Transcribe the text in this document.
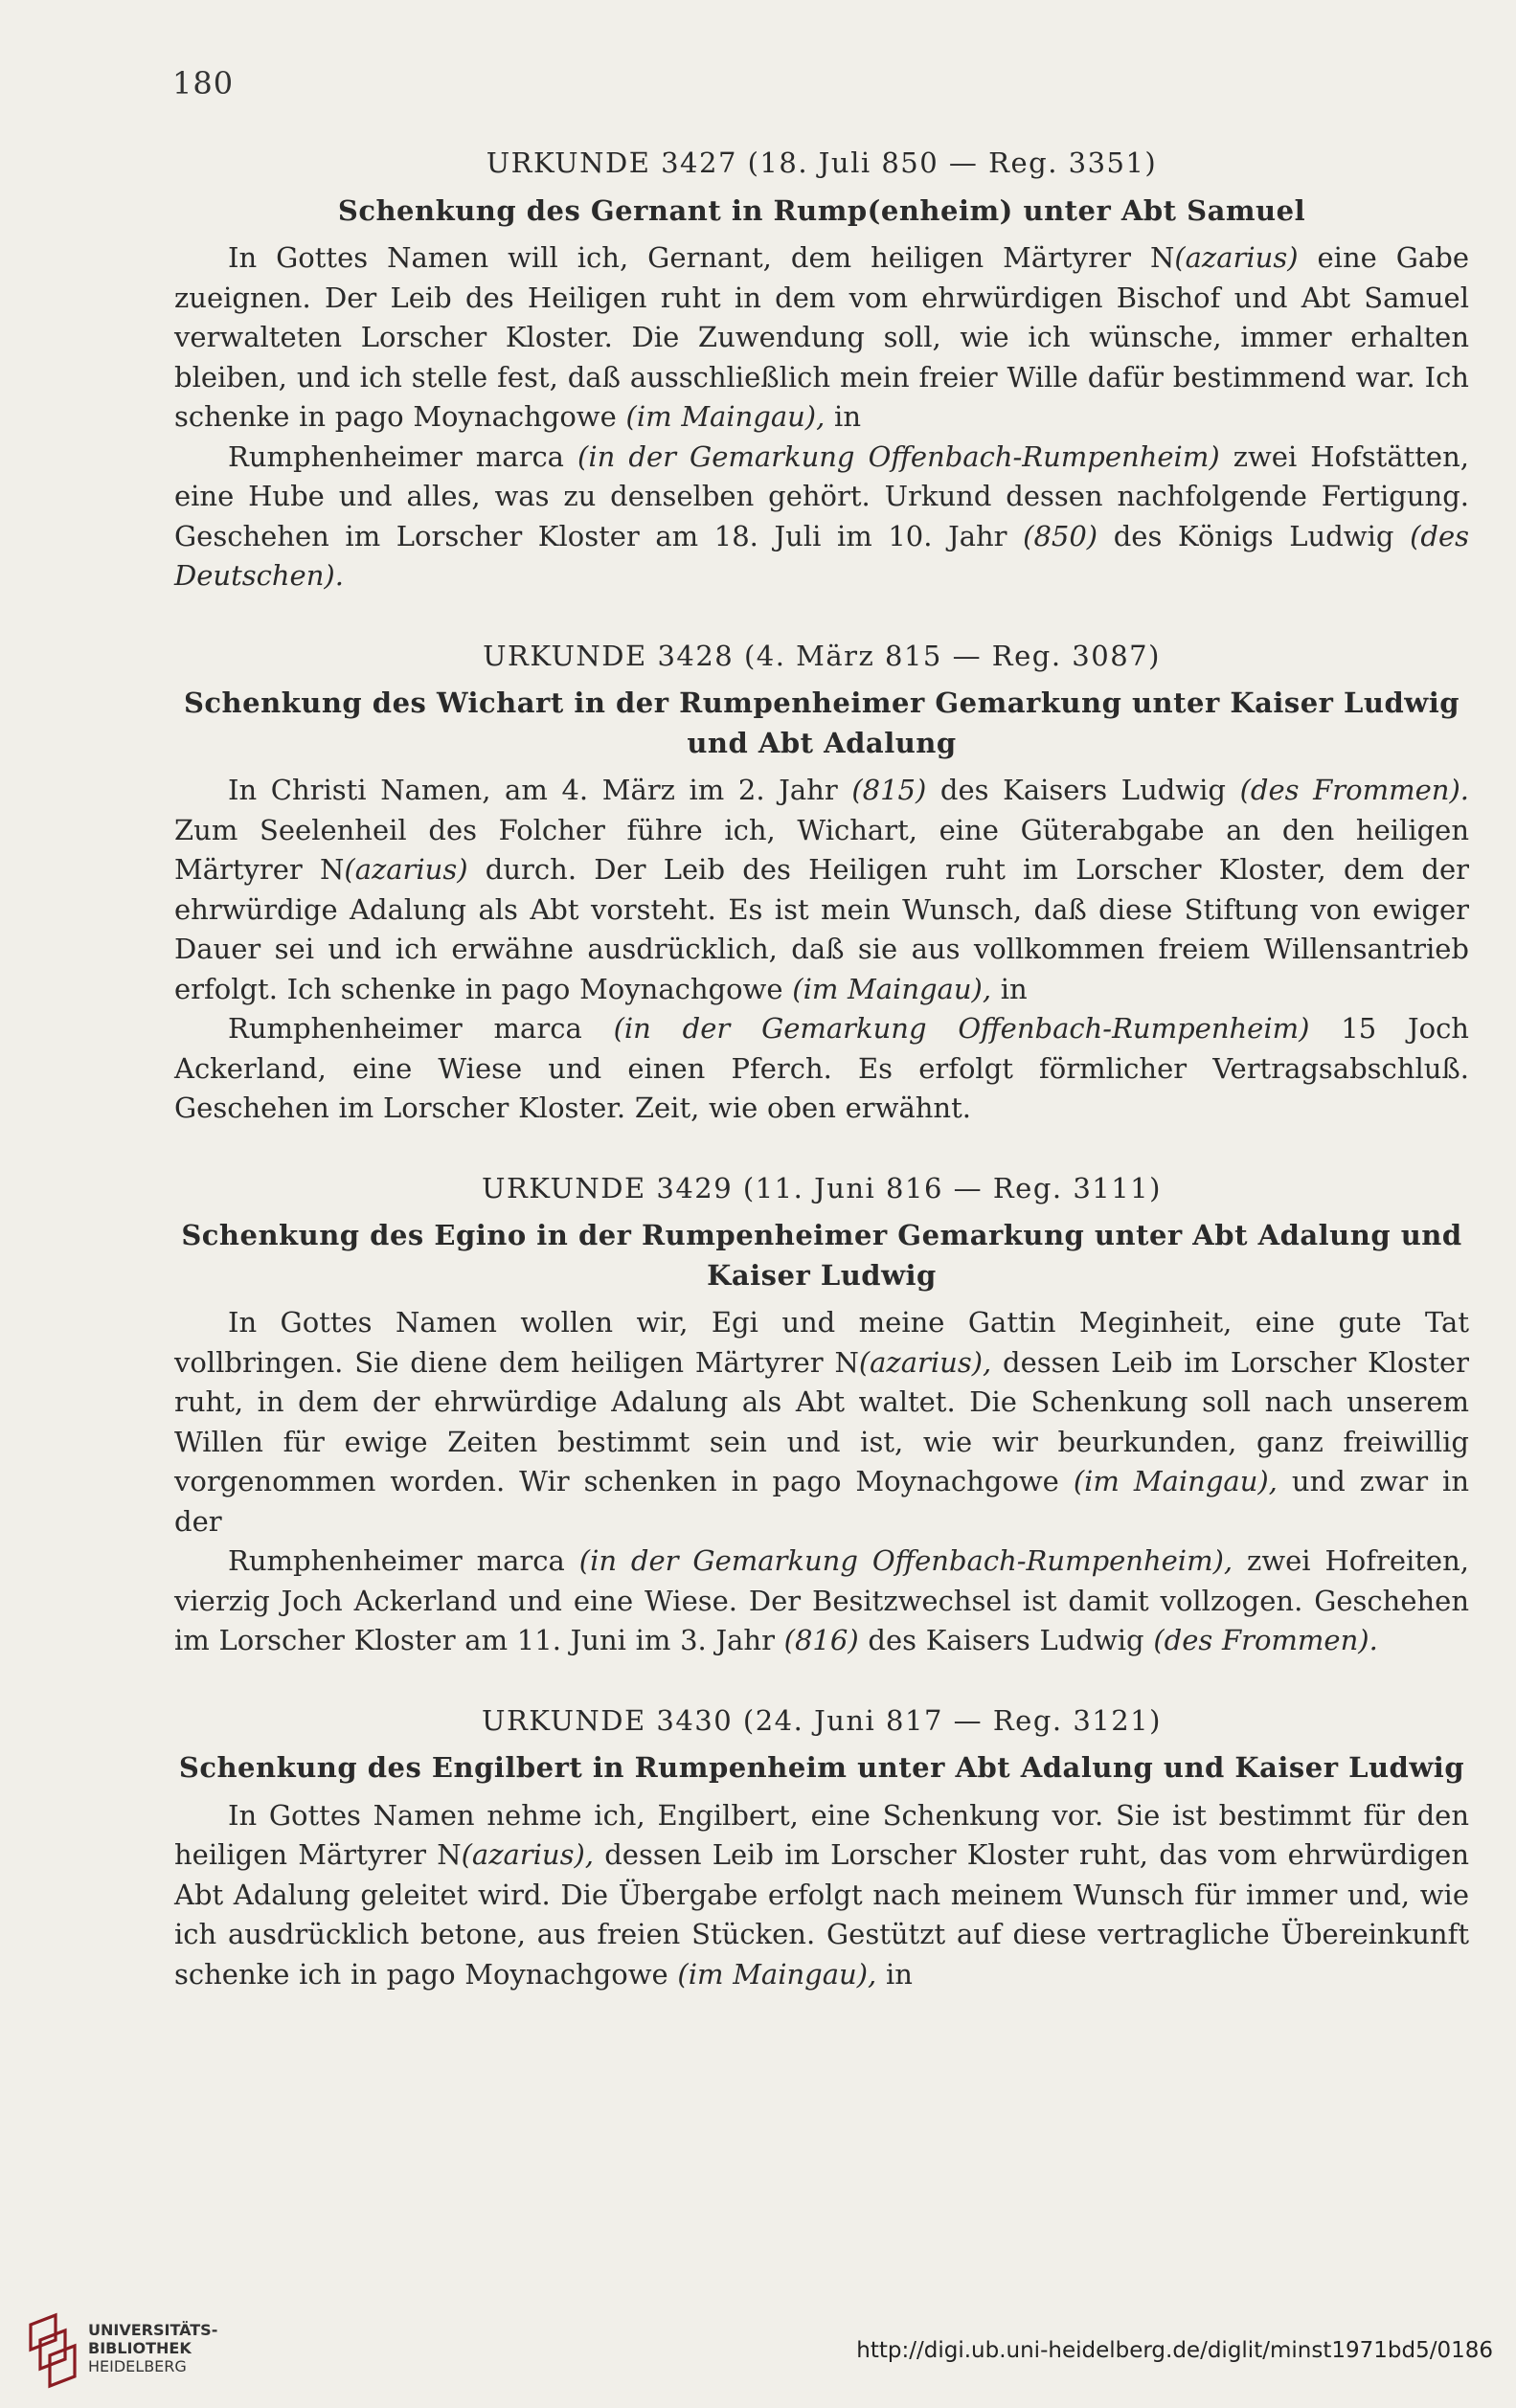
180
URKUNDE 3427 (18. Juli 850 — Reg. 3351)
Schenkung des Gernant in Rump(enheim) unter Abt Samuel

In Gottes Namen will ich, Gernant, dem heiligen Märtyrer N(azarius) eine Gabe zueignen. Der Leib des Heiligen ruht in dem vom ehrwürdigen Bischof und Abt Samuel verwalteten Lorscher Kloster. Die Zuwendung soll, wie ich wünsche, immer erhalten bleiben, und ich stelle fest, daß ausschließlich mein freier Wille dafür bestimmend war. Ich schenke in pago Moynachgowe (im Maingau), in

Rumphenheimer marca (in der Gemarkung Offenbach-Rumpenheim) zwei Hofstätten, eine Hube und alles, was zu denselben gehört. Urkund dessen nachfolgende Fertigung. Geschehen im Lorscher Kloster am 18. Juli im 10. Jahr (850) des Königs Ludwig (des Deutschen).

URKUNDE 3428 (4. März 815 — Reg. 3087)
Schenkung des Wichart in der Rumpenheimer Gemarkung unter Kaiser Ludwig und Abt Adalung

In Christi Namen, am 4. März im 2. Jahr (815) des Kaisers Ludwig (des Frommen). Zum Seelenheil des Folcher führe ich, Wichart, eine Güterabgabe an den heiligen Märtyrer N(azarius) durch. Der Leib des Heiligen ruht im Lorscher Kloster, dem der ehrwürdige Adalung als Abt vorsteht. Es ist mein Wunsch, daß diese Stiftung von ewiger Dauer sei und ich erwähne ausdrücklich, daß sie aus vollkommen freiem Willensantrieb erfolgt. Ich schenke in pago Moynachgowe (im Maingau), in

Rumphenheimer marca (in der Gemarkung Offenbach-Rumpenheim) 15 Joch Ackerland, eine Wiese und einen Pferch. Es erfolgt förmlicher Vertragsabschluß. Geschehen im Lorscher Kloster. Zeit, wie oben erwähnt.

URKUNDE 3429 (11. Juni 816 — Reg. 3111)
Schenkung des Egino in der Rumpenheimer Gemarkung unter Abt Adalung und Kaiser Ludwig

In Gottes Namen wollen wir, Egi und meine Gattin Meginheit, eine gute Tat vollbringen. Sie diene dem heiligen Märtyrer N(azarius), dessen Leib im Lorscher Kloster ruht, in dem der ehrwürdige Adalung als Abt waltet. Die Schenkung soll nach unserem Willen für ewige Zeiten bestimmt sein und ist, wie wir beurkunden, ganz freiwillig vorgenommen worden. Wir schenken in pago Moynachgowe (im Maingau), und zwar in der

Rumphenheimer marca (in der Gemarkung Offenbach-Rumpenheim), zwei Hofreiten, vierzig Joch Ackerland und eine Wiese. Der Besitzwechsel ist damit vollzogen. Geschehen im Lorscher Kloster am 11. Juni im 3. Jahr (816) des Kaisers Ludwig (des Frommen).

URKUNDE 3430 (24. Juni 817 — Reg. 3121)
Schenkung des Engilbert in Rumpenheim unter Abt Adalung und Kaiser Ludwig

In Gottes Namen nehme ich, Engilbert, eine Schenkung vor. Sie ist bestimmt für den heiligen Märtyrer N(azarius), dessen Leib im Lorscher Kloster ruht, das vom ehrwürdigen Abt Adalung geleitet wird. Die Übergabe erfolgt nach meinem Wunsch für immer und, wie ich ausdrücklich betone, aus freien Stücken. Gestützt auf diese vertragliche Übereinkunft schenke ich in pago Moynachgowe (im Maingau), in

UNIVERSITÄTS-
BIBLIOTHEK
HEIDELBERG
http://digi.ub.uni-heidelberg.de/diglit/minst1971bd5/0186
